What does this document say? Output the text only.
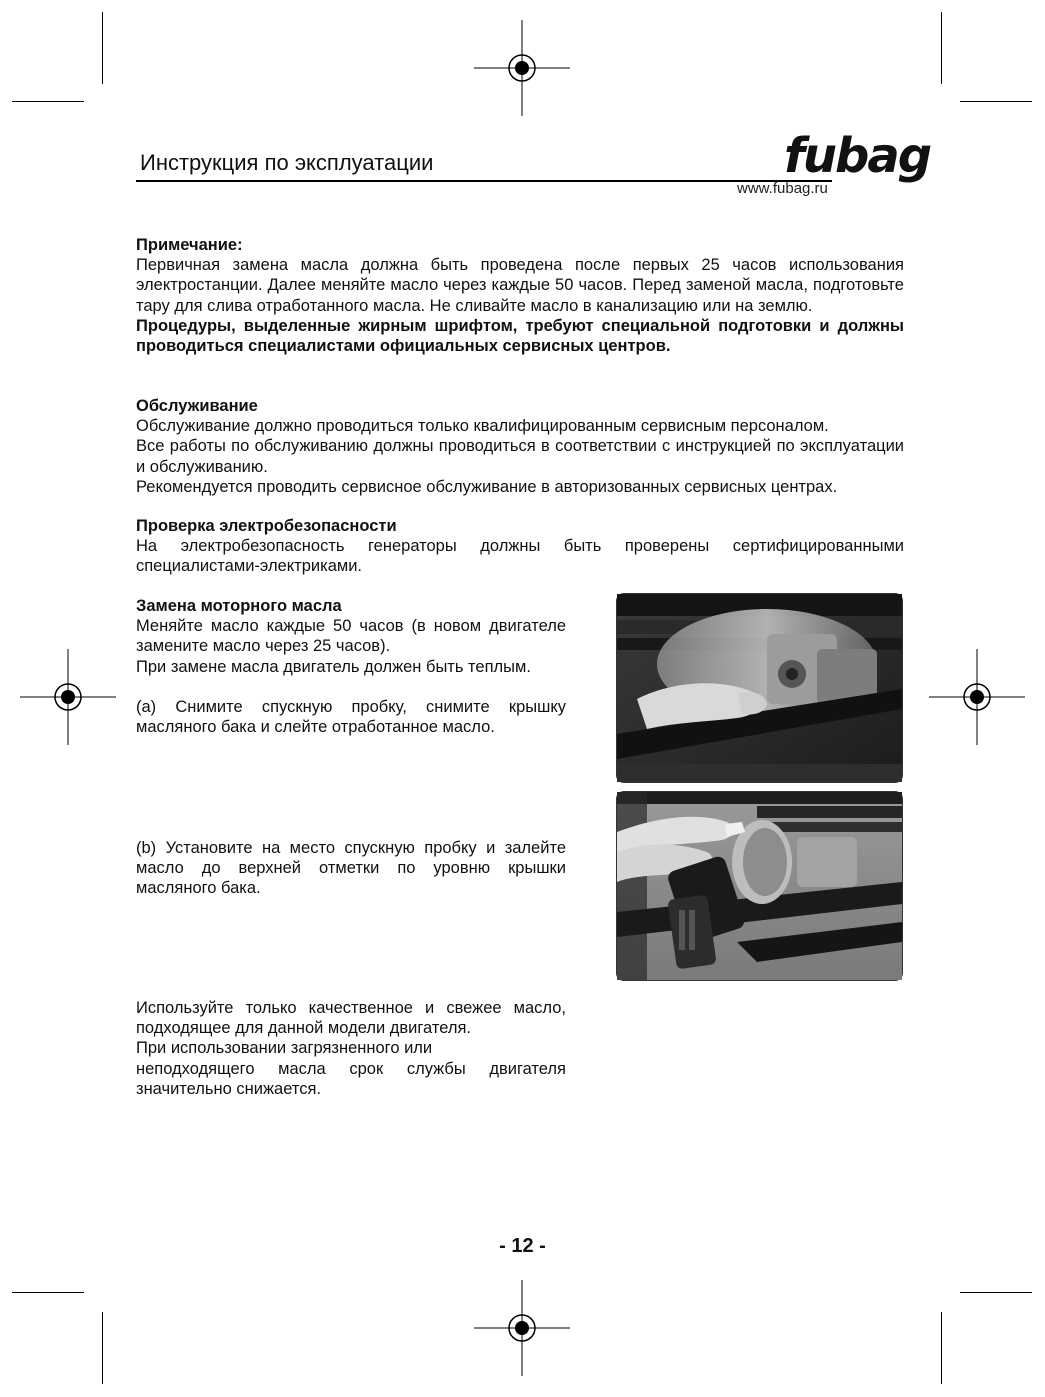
Инструкция по эксплуатации	fubag
www.fubag.ru

Примечание:

Первичная замена масла должна быть проведена после первых 25 часов использования электростанции. Далее меняйте масло через каждые 50 часов. Перед заменой масла, подготовьте тару для слива отработанного масла. Не сливайте масло в канализацию или на землю.

Процедуры, выделенные жирным шрифтом, требуют специальной подготовки и должны проводиться специалистами официальных сервисных центров.

Обслуживание

Обслуживание должно проводиться только квалифицированным сервисным персоналом.

Все работы по обслуживанию должны проводиться в соответствии с инструкцией по эксплуатации и обслуживанию.

Рекомендуется проводить сервисное обслуживание в авторизованных сервисных центрах.

Проверка электробезопасности

На электробезопасность генераторы должны быть проверены сертифицированными специалистами-электриками.

Замена моторного масла

Меняйте масло каждые 50 часов (в новом двигателе замените масло через 25 часов).

При замене масла двигатель должен быть теплым.

(а) Снимите спускную пробку, снимите крышку масляного бака и слейте отработанное масло.

(b) Установите на место спускную пробку и залейте масло до верхней отметки по уровню крышки масляного бака.

Используйте только качественное и свежее масло, подходящее для данной модели двигателя.

При использовании загрязненного или

неподходящего масла срок службы двигателя значительно снижается.

- 12 -
